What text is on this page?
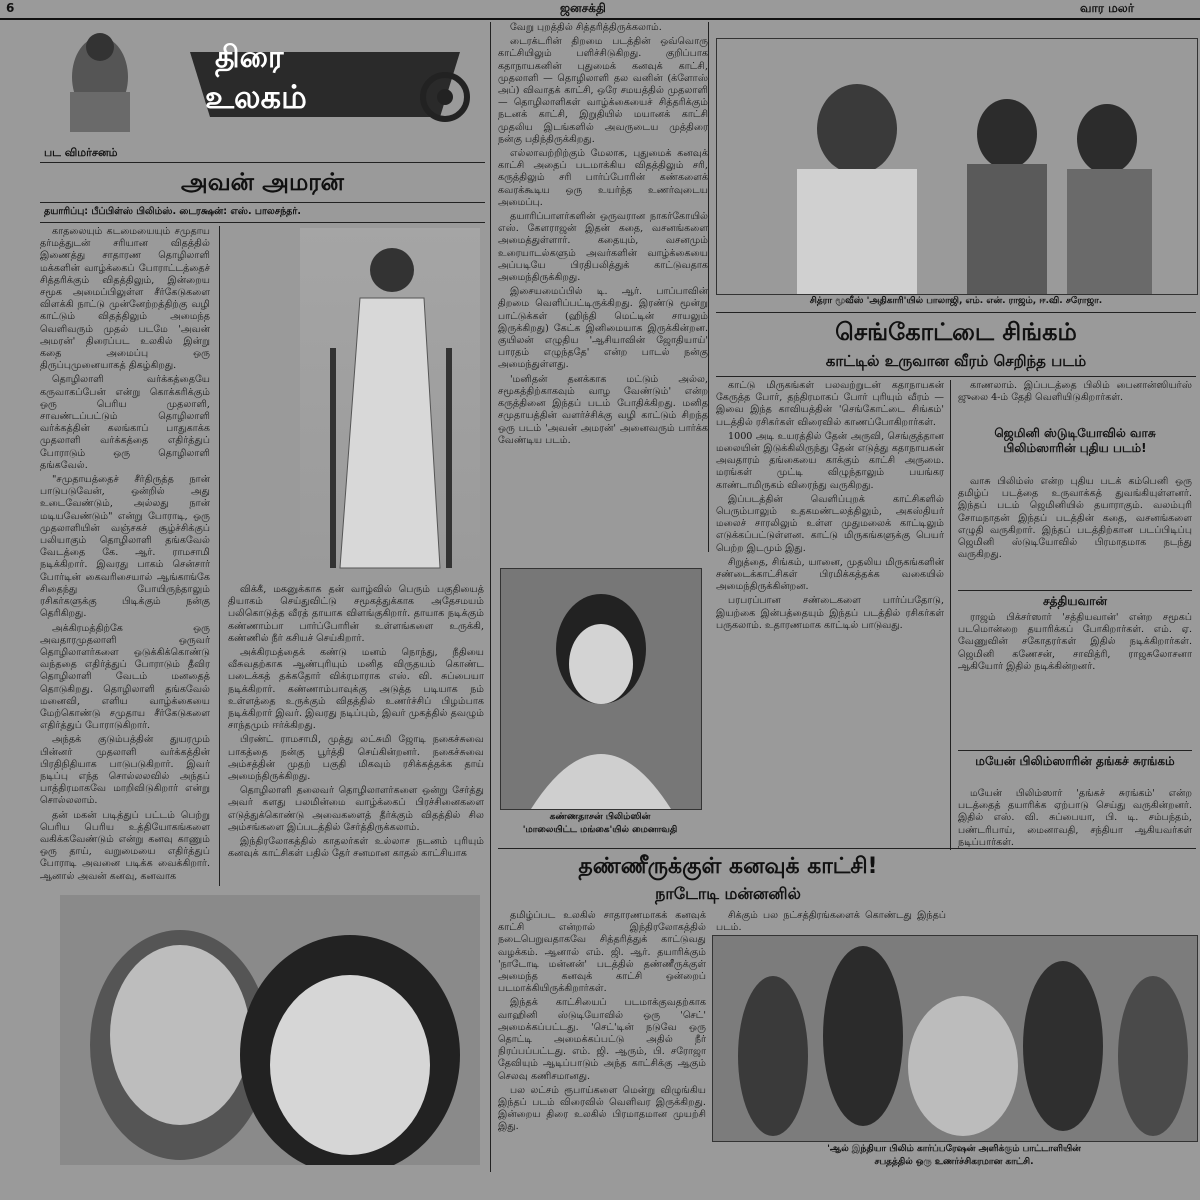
6	ஜனசக்தி	வார மலர்
திரை
உலகம்
பட விமர்சனம்
அவன் அமரன்
தயாரிப்பு: பீப்பிள்ஸ் பிலிம்ஸ். டைரக்ஷன்: எஸ். பாலசந்தர்.

காதலையும் கடமையையும் சமுதாய தர்மத்துடன் சரியான விதத்தில் இணைத்து சாதாரண தொழிலாளி மக்களின் வாழ்க்கைப் போராட்டத்தைச் சித்தரிக்கும் விதத்திலும், இன்றைய சமூக அமைப்பிலுள்ள சீர்கேடுகளை விளக்கி நாட்டு முன்னேற்றத்திற்கு வழி காட்டும் விதத்திலும் அமைந்த வெளிவரும் முதல் படமே 'அவன் அமரன்' திரைப்பட உலகில் இன்று கதை அமைப்பு ஒரு திருப்புமுனையாகத் திகழ்கிறது.

தொழிலாளி வர்க்கத்தையே கருவாகப்பேன் என்று கொக்கரிக்கும் ஒரு பெரிய முதலாளி, சாவண்டப்பட்டும் தொழிலாளி வர்க்கத்தின் கலங்காப் பாதுகாக்க முதலாளி வர்க்கத்தை எதிர்த்துப் போராடும் ஒரு தொழிலாளி தங்கவேல்.

"சமுதாயத்தைச் சீர்திருத்த நான் பாடுபடுவேன், ஒன்றில் அது உடைவேண்டும், அல்லது நான் மடியவேண்டும்" என்று போராடி, ஒரு முதலாளியின் வஞ்சகச் சூழ்ச்சிக்குப் பலியாகும் தொழிலாளி தங்கவேல் வேடத்தை கே. ஆர். ராமசாமி நடிக்கிறார். இவரது பாகம் சென்சார் போர்டின் கைவரிசையால் ஆங்காங்கே சிதைந்து போயிருந்தாலும் ரசிகர்களுக்கு பிடிக்கும் நன்கு தெரிகிறது.

அக்கிரமத்திற்கே ஒரு அவதாரமுதலாளி ஒருவர் தொழிலாளர்களை ஒடுக்கிக்கொண்டு வந்ததை எதிர்த்துப் போராடும் தீவிர தொழிலாளி வேடம் மனதைத் தொடுகிறது. தொழிலாளி தங்கவேல் மனைவி, எளிய வாழ்க்கையை மேற்கொண்டு சமுதாய சீர்கேடுகளை எதிர்த்துப் போராடுகிறார்.

அந்தக் குடும்பத்தின் துயரமும் பின்னர் முதலாளி வர்க்கத்தின் பிரதிநிதியாக பாடுபடுகிறார். இவர் நடிப்பு எந்த சொல்லலவில் அந்தப் பாத்திரமாகவே மாறிவிடுகிறார் என்று சொல்லலாம்.

தன் மகன் படித்துப் பட்டம் பெற்று பெரிய பெரிய உத்தியோகங்களை வகிக்கவேண்டும் என்று கனவு காணும் ஒரு தாய், வறுமையை எதிர்த்துப் போராடி அவனை படிக்க வைக்கிறார். ஆனால் அவன் கனவு, கனவாக

விக்கீ, மகனுக்காக தன் வாழ்வில் பெரும் பகுதியைத் தியாகம் செய்துவிட்டு சமூகத்துக்காக அதேசமயம் பலிகொடுத்த வீரத் தாயாக விளங்குகிறார். தாயாக நடிக்கும் கண்ணாம்பா பார்ப்போரின் உள்ளங்களை உருக்கி, கண்ணில் நீர் கசியச் செய்கிறார்.

அக்கிரமத்தைக் கண்டு மனம் நொந்து, நீதியை வீசுவதற்காக ஆண்புரியும் மனித விருதயம் கொண்ட படைக்கத் தக்கதோர் விக்ரமாராக எஸ். வி. சுப்பையா நடிக்கிறார். கண்ணாம்பாவுக்கு அடுத்த படியாக நம் உள்ளத்தை உருக்கும் விதத்தில் உணர்ச்சிப் பிழம்பாக நடிக்கிறார் இவர். இவரது நடிப்பும், இவர் முகத்தில் தவழும் சாந்தமும் ஈர்க்கிறது.

பிரண்ட் ராமசாமி, முத்து லட்சுமி ஜோடி நகைச்சுவை பாகத்தை நன்கு பூர்த்தி செய்கின்றனர். நகைச்சுவை அம்சத்தின் முதற் பகுதி மிகவும் ரசிக்கத்தக்க தாய் அமைந்திருக்கிறது.

தொழிலாளி தலைவர் தொழிலாளர்களை ஒன்று சேர்த்து அவர் களது பலமின்மை வாழ்க்கைப் பிரச்சினைகளை எடுத்துக்கொண்டு அவைகளைத் தீர்க்கும் விதத்தில் சில அம்சங்களை இப்படத்தில் சேர்த்திருக்கலாம்.

இந்திரலோகத்தில் காதலர்கள் உல்லாச நடனம் புரியும் கனவுக் காட்சிகள் பதில் தேர் சனமான காதல் காட்சியாக

வேறு புறத்தில் சித்தரித்திருக்கலாம்.

டைரக்டரின் திறமை படத்தின் ஒவ்வொரு காட்சியிலும் பளிச்சிடுகிறது. குறிப்பாக கதாநாயகனின் புதுமைக் கனவுக் காட்சி, முதலாளி — தொழிலாளி தல வனின் (க்ளோஸ் அப்) விவாதக் காட்சி, ஒரே சமயத்தில் முதலாளி — தொழிலாளிகள் வாழ்க்கையைச் சித்தரிக்கும் நடனக் காட்சி, இறுதியில் மயானக் காட்சி முதலிய இடங்களில் அவருடைய முத்திரை நன்கு பதிந்திருக்கிறது.

எல்லாவற்றிற்கும் மேலாக, புதுமைக் கனவுக் காட்சி அதைப் படமாக்கிய விதத்திலும் சரி, கருத்திலும் சரி பார்ப்போரின் கண்களைக் கவரக்கூடிய ஒரு உயர்ந்த உணர்வுடைய அமைப்பு.

தயாரிப்பாளர்களின் ஒருவரான நாகர்கோயில் எஸ். கேளராஜன் இதன் கதை, வசனங்களை அமைத்துள்ளார். கதையும், வசனமும் உரையாடல்களும் அவர்களின் வாழ்க்கையை அப்படியே பிரதிபலித்துக் காட்டுவதாக அமைந்திருக்கிறது.

இசையமைப்பில் டி. ஆர். பாப்பாவின் திறமை வெளிப்பட்டிருக்கிறது. இரண்டு மூன்று பாட்டுக்கள் (ஹிந்தி மெட்டின் சாயலும் இருக்கிறது) கேட்க இனிமையாக இருக்கின்றன. குயிலன் எழுதிய 'ஆசியாவின் ஜோதியாய்' பாரதம் எழுந்ததே' என்ற பாடல் நன்கு அமைந்துள்ளது.

'மனிதன் தனக்காக மட்டும் அல்ல, சமூகத்திற்காகவும் வாழ வேண்டும்' என்ற கருத்தினை இந்தப் படம் போதிக்கிறது. மனித சமுதாயத்தின் வளர்ச்சிக்கு வழி காட்டும் சிறந்த ஒரு படம் 'அவன் அமரன்' அனைவரும் பார்க்க வேண்டிய படம்.

கண்ணதாசன் பிலிம்ஸின்
'மாலையிட்ட மங்கை'யில் மைனாவதி
சித்ரா மூவீஸ் 'அதிகாரி'யில் பாலாஜி, எம். என். ராஜம், ஈ.வி. சரோஜா.
செங்கோட்டை சிங்கம்
காட்டில் உருவான வீரம் செறிந்த படம்

காட்டு மிருகங்கள் பலவற்றுடன் கதாநாயகன் கேருத்த போர், தந்திரமாகப் போர் புரியும் வீரம் — இவை இந்த காவியத்தின் 'செங்கோட்டை சிங்கம்' படத்தில் ரசிகர்கள் விரைவில் காணப்போகிறார்கள்.

1000 அடி உயரத்தில் தேன் அருவி, செங்குத்தான மலையின் இடுக்கிலிருந்து தேன் எடுத்து கதாநாயகன் அவதாரம் தங்கையை காக்கும் காட்சி அருமை. மரங்கள் முட்டி விழுந்தாலும் பயங்கர காண்டாமிருகம் விரைந்து வருகிறது.

இப்படத்தின் வெளிப்புறக் காட்சிகளில் பெரும்பாலும் உதகமண்டலத்திலும், அகஸ்தியர் மலைச் சாரலிலும் உள்ள முதுமலைக் காட்டிலும் எடுக்கப்பட்டுள்ளன. காட்டு மிருகங்களுக்கு பெயர் பெற்ற இடமும் இது.

சிறுத்தை, சிங்கம், யானை, முதலிய மிருகங்களின் சண்டைக்காட்சிகள் பிரமிக்கத்தக்க வகையில் அமைந்திருக்கின்றன.

பரபரப்பான சண்டைகளை பார்ப்பதோடு, இயற்கை இன்பத்தையும் இந்தப் படத்தில் ரசிகர்கள் பருகலாம். உதாரணமாக காட்டில் பாடுவது.

காணலாம். இப்படத்தை பிலிம் பைனான்ஸியர்ஸ் ஜுலை 4-ம் தேதி வெளியிடுகிறார்கள்.

ஜெமினி ஸ்டுடியோவில் வாசு பிலிம்ஸாரின் புதிய படம்!

வாசு பிலிம்ஸ் என்ற புதிய படக் கம்பெனி ஒரு தமிழ்ப் படத்தை உருவாக்கத் துவங்கியுள்ளனர். இந்தப் படம் ஜெமினியில் தயாராகும். வலம்புரி சோமநாதன் இந்தப் படத்தின் கதை, வசனங்களை எழுதி வருகிறார். இந்தப் படத்திற்கான படப்பிடிப்பு ஜெமினி ஸ்டுடியோவில் பிரமாதமாக நடந்து வருகிறது.

சத்தியவான்

ராஜம் பிக்சர்ஸார் 'சத்தியவான்' என்ற சமூகப் படமொன்றை தயாரிக்கப் போகிறார்கள். எம். ஏ. வேணுவின் சகோதரர்கள் இதில் நடிக்கிறார்கள். ஜெமினி கணேசன், சாவித்ரி, ராஜசுலோசனா ஆகியோர் இதில் நடிக்கின்றனர்.

மயேன் பிலிம்ஸாரின் தங்கச் சுரங்கம்

மயேன் பிலிம்ஸார் 'தங்கச் சுரங்கம்' என்ற படத்தைத் தயாரிக்க ஏற்பாடு செய்து வருகின்றனர். இதில் எஸ். வி. சுப்பையா, பி. டி. சம்பந்தம், பண்டரிபாய், மைனாவதி, சந்தியா ஆகியவர்கள் நடிப்பார்கள்.

தண்ணீருக்குள் கனவுக் காட்சி!
நாடோடி மன்னனில்

தமிழ்ப்பட உலகில் சாதாரணமாகக் கனவுக் காட்சி என்றால் இந்திரலோகத்தில் நடைபெறுவதாகவே சித்தரித்துக் காட்டுவது வழக்கம். ஆனால் எம். ஜி. ஆர். தயாரிக்கும் 'நாடோடி மன்னன்' படத்தில் தண்ணீருக்குள் அமைந்த கனவுக் காட்சி ஒன்றைப் படமாக்கியிருக்கிறார்கள்.

இந்தக் காட்சியைப் படமாக்குவதற்காக வாஹினி ஸ்டுடியோவில் ஒரு 'செட்' அமைக்கப்பட்டது. 'செட்'டின் நடுவே ஒரு தொட்டி அமைக்கப்பட்டு அதில் நீர் நிரப்பப்பட்டது. எம். ஜி. ஆரும், பி. சரோஜா தேவியும் ஆடிப்பாடும் அந்த காட்சிக்கு ஆகும் செலவு கணிசமானது.

பல லட்சம் ரூபாய்களை மென்று விழுங்கிய இந்தப் படம் விரைவில் வெளிவர இருக்கிறது. இன்றைய திரை உலகில் பிரமாதமான முயற்சி இது.

சிக்கும் பல நட்சத்திரங்களைக் கொண்டது இந்தப் படம்.

'ஆல் இந்தியா பிலிம் கார்ப்பரேஷன் அளிக்கும் பாட்டாளியின்
சபதத்தில் ஒரு உணர்ச்சிகரமான காட்சி.
